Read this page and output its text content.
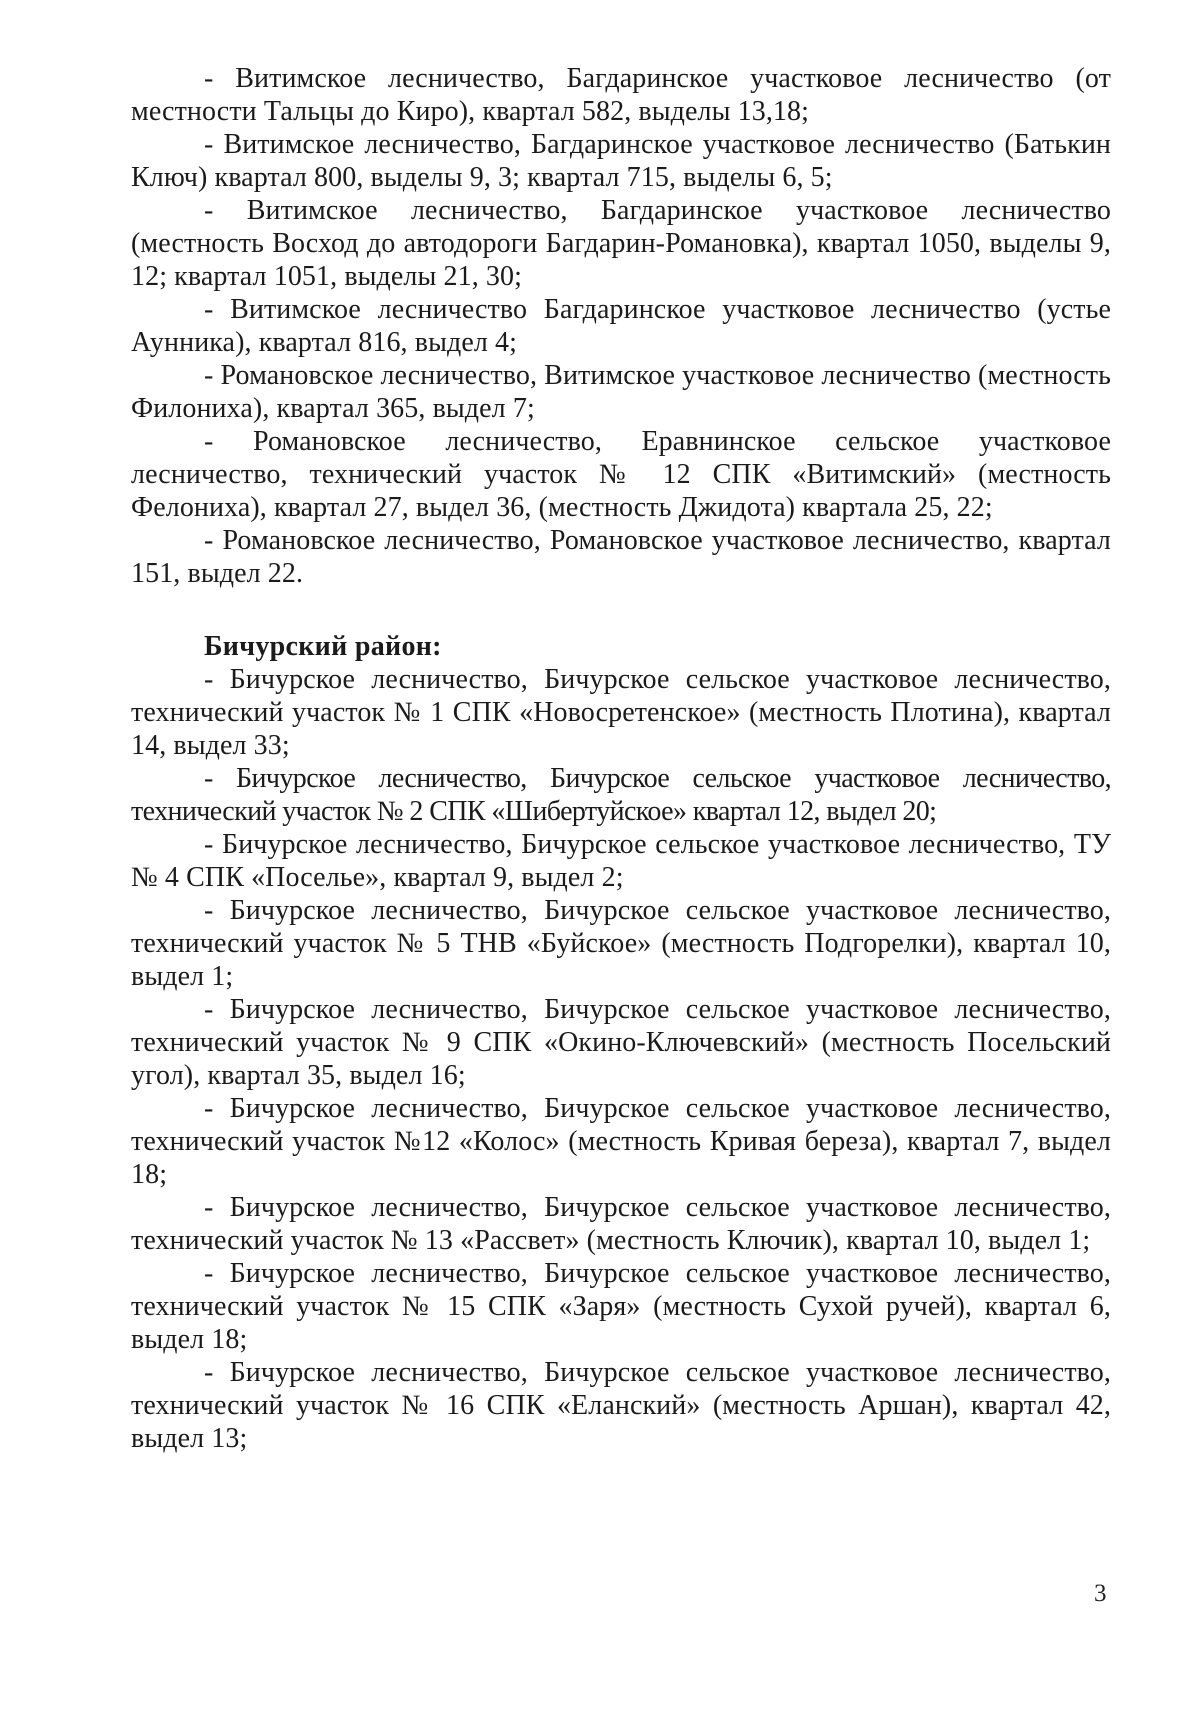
- Витимское лесничество, Багдаринское участковое лесничество (от местности Тальцы до Киро), квартал 582, выделы 13,18;

- Витимское лесничество, Багдаринское участковое лесничество (Батькин Ключ) квартал 800, выделы 9, 3; квартал 715, выделы 6, 5;

- Витимское лесничество, Багдаринское участковое лесничество (местность Восход до автодороги Багдарин-Романовка), квартал 1050, выделы 9, 12; квартал 1051, выделы 21, 30;

- Витимское лесничество Багдаринское участковое лесничество (устье Аунника), квартал 816, выдел 4;

- Романовское лесничество, Витимское участковое лесничество (местность Филониха), квартал 365, выдел 7;

- Романовское лесничество, Еравнинское сельское участковое лесничество, технический участок № 12 СПК «Витимский» (местность Фелониха), квартал 27, выдел 36, (местность Джидота) квартала 25, 22;

- Романовское лесничество, Романовское участковое лесничество, квартал 151, выдел 22.

Бичурский район:

- Бичурское лесничество, Бичурское сельское участковое лесничество, технический участок № 1 СПК «Новосретенское» (местность Плотина), квартал 14, выдел 33;

- Бичурское лесничество, Бичурское сельское участковое лесничество, технический участок № 2 СПК «Шибертуйское» квартал 12, выдел 20;

- Бичурское лесничество, Бичурское сельское участковое лесничество, ТУ № 4 СПК «Поселье», квартал 9, выдел 2;

- Бичурское лесничество, Бичурское сельское участковое лесничество, технический участок № 5 ТНВ «Буйское» (местность Подгорелки), квартал 10, выдел 1;

- Бичурское лесничество, Бичурское сельское участковое лесничество, технический участок № 9 СПК «Окино-Ключевский» (местность Посельский угол), квартал 35, выдел 16;

- Бичурское лесничество, Бичурское сельское участковое лесничество, технический участок №12 «Колос» (местность Кривая береза), квартал 7, выдел 18;

- Бичурское лесничество, Бичурское сельское участковое лесничество, технический участок № 13 «Рассвет» (местность Ключик), квартал 10, выдел 1;

- Бичурское лесничество, Бичурское сельское участковое лесничество, технический участок № 15 СПК «Заря» (местность Сухой ручей), квартал 6, выдел 18;

- Бичурское лесничество, Бичурское сельское участковое лесничество, технический участок № 16 СПК «Еланский» (местность Аршан), квартал 42, выдел 13;

3
